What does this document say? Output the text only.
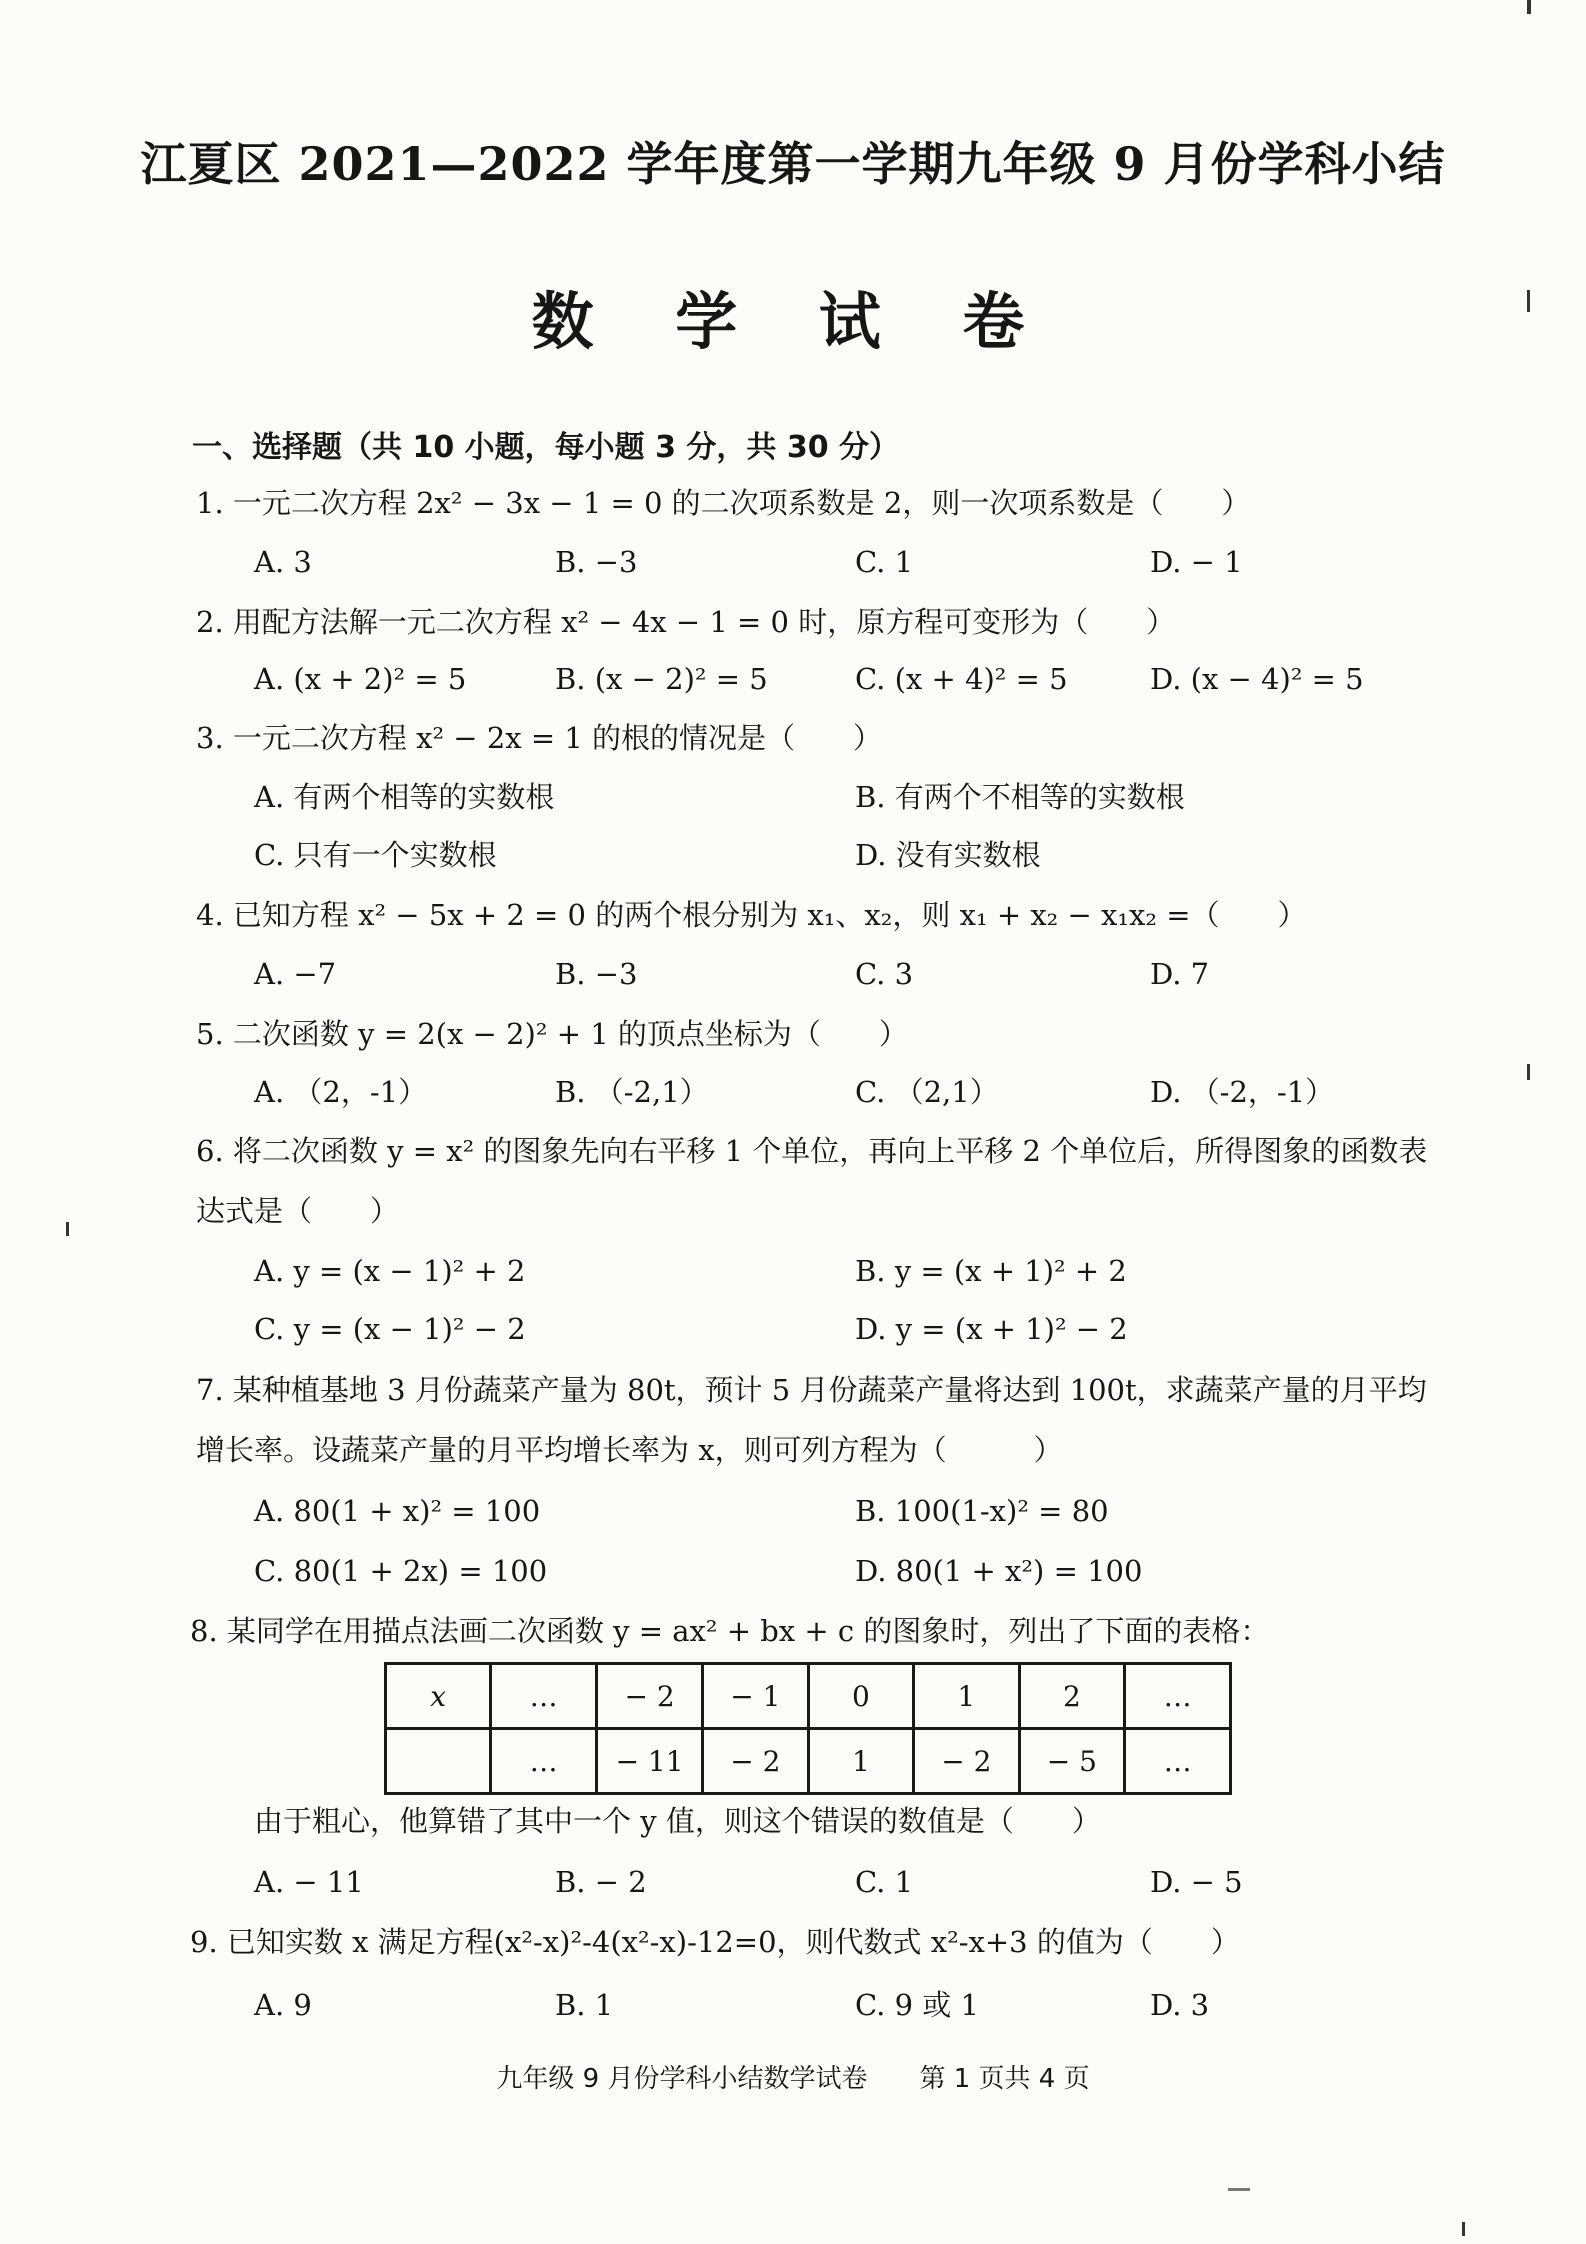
江夏区 2021—2022 学年度第一学期九年级 9 月份学科小结
数 学 试 卷
一、选择题（共 10 小题，每小题 3 分，共 30 分）
1. 一元二次方程 2x² − 3x − 1 = 0 的二次项系数是 2，则一次项系数是（　　）
A. 3	B. −3	C. 1	D. − 1
2. 用配方法解一元二次方程 x² − 4x − 1 = 0 时，原方程可变形为（　　）
A. (x + 2)² = 5	B. (x − 2)² = 5	C. (x + 4)² = 5	D. (x − 4)² = 5
3. 一元二次方程 x² − 2x = 1 的根的情况是（　　）
A. 有两个相等的实数根	B. 有两个不相等的实数根
C. 只有一个实数根	D. 没有实数根
4. 已知方程 x² − 5x + 2 = 0 的两个根分别为 x₁、x₂，则 x₁ + x₂ − x₁x₂ =（　　）
A. −7	B. −3	C. 3	D. 7
5. 二次函数 y = 2(x − 2)² + 1 的顶点坐标为（　　）
A. （2，-1）	B. （-2,1）	C. （2,1）	D. （-2，-1）
6. 将二次函数 y = x² 的图象先向右平移 1 个单位，再向上平移 2 个单位后，所得图象的函数表达式是（　　）
A. y = (x − 1)² + 2	B. y = (x + 1)² + 2
C. y = (x − 1)² − 2	D. y = (x + 1)² − 2
7. 某种植基地 3 月份蔬菜产量为 80t，预计 5 月份蔬菜产量将达到 100t，求蔬菜产量的月平均增长率。设蔬菜产量的月平均增长率为 x，则可列方程为（　　　）
A. 80(1 + x)² = 100	B. 100(1-x)² = 80
C. 80(1 + 2x) = 100	D. 80(1 + x²) = 100
8. 某同学在用描点法画二次函数 y = ax² + bx + c 的图象时，列出了下面的表格：
x	…	− 2	− 1	0	1	2	…
	…	− 11	− 2	1	− 2	− 5	…
由于粗心，他算错了其中一个 y 值，则这个错误的数值是（　　）
A. − 11	B. − 2	C. 1	D. − 5
9. 已知实数 x 满足方程(x²-x)²-4(x²-x)-12=0，则代数式 x²-x+3 的值为（　　）
A. 9	B. 1	C. 9 或 1	D. 3
九年级 9 月份学科小结数学试卷　　第 1 页共 4 页
